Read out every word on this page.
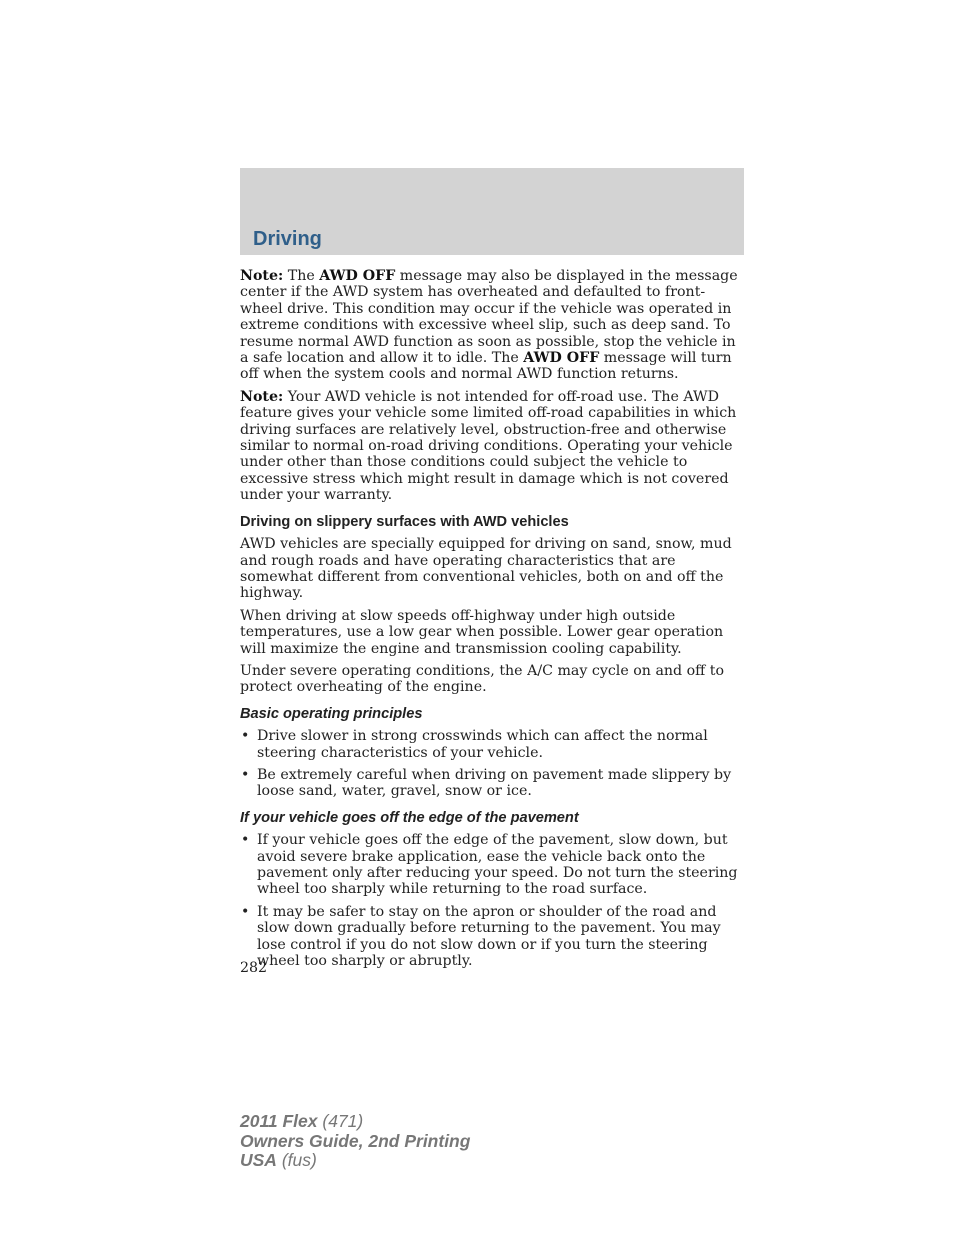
Driving

Note: The AWD OFF message may also be displayed in the message center if the AWD system has overheated and defaulted to front-wheel drive. This condition may occur if the vehicle was operated in extreme conditions with excessive wheel slip, such as deep sand. To resume normal AWD function as soon as possible, stop the vehicle in a safe location and allow it to idle. The AWD OFF message will turn off when the system cools and normal AWD function returns.

Note: Your AWD vehicle is not intended for off-road use. The AWD feature gives your vehicle some limited off-road capabilities in which driving surfaces are relatively level, obstruction-free and otherwise similar to normal on-road driving conditions. Operating your vehicle under other than those conditions could subject the vehicle to excessive stress which might result in damage which is not covered under your warranty.

Driving on slippery surfaces with AWD vehicles

AWD vehicles are specially equipped for driving on sand, snow, mud and rough roads and have operating characteristics that are somewhat different from conventional vehicles, both on and off the highway.

When driving at slow speeds off-highway under high outside temperatures, use a low gear when possible. Lower gear operation will maximize the engine and transmission cooling capability.

Under severe operating conditions, the A/C may cycle on and off to protect overheating of the engine.

Basic operating principles
• Drive slower in strong crosswinds which can affect the normal steering characteristics of your vehicle.
• Be extremely careful when driving on pavement made slippery by loose sand, water, gravel, snow or ice.
If your vehicle goes off the edge of the pavement
• If your vehicle goes off the edge of the pavement, slow down, but avoid severe brake application, ease the vehicle back onto the pavement only after reducing your speed. Do not turn the steering wheel too sharply while returning to the road surface.
• It may be safer to stay on the apron or shoulder of the road and slow down gradually before returning to the pavement. You may lose control if you do not slow down or if you turn the steering wheel too sharply or abruptly.
282
2011 Flex (471)
Owners Guide, 2nd Printing
USA (fus)
